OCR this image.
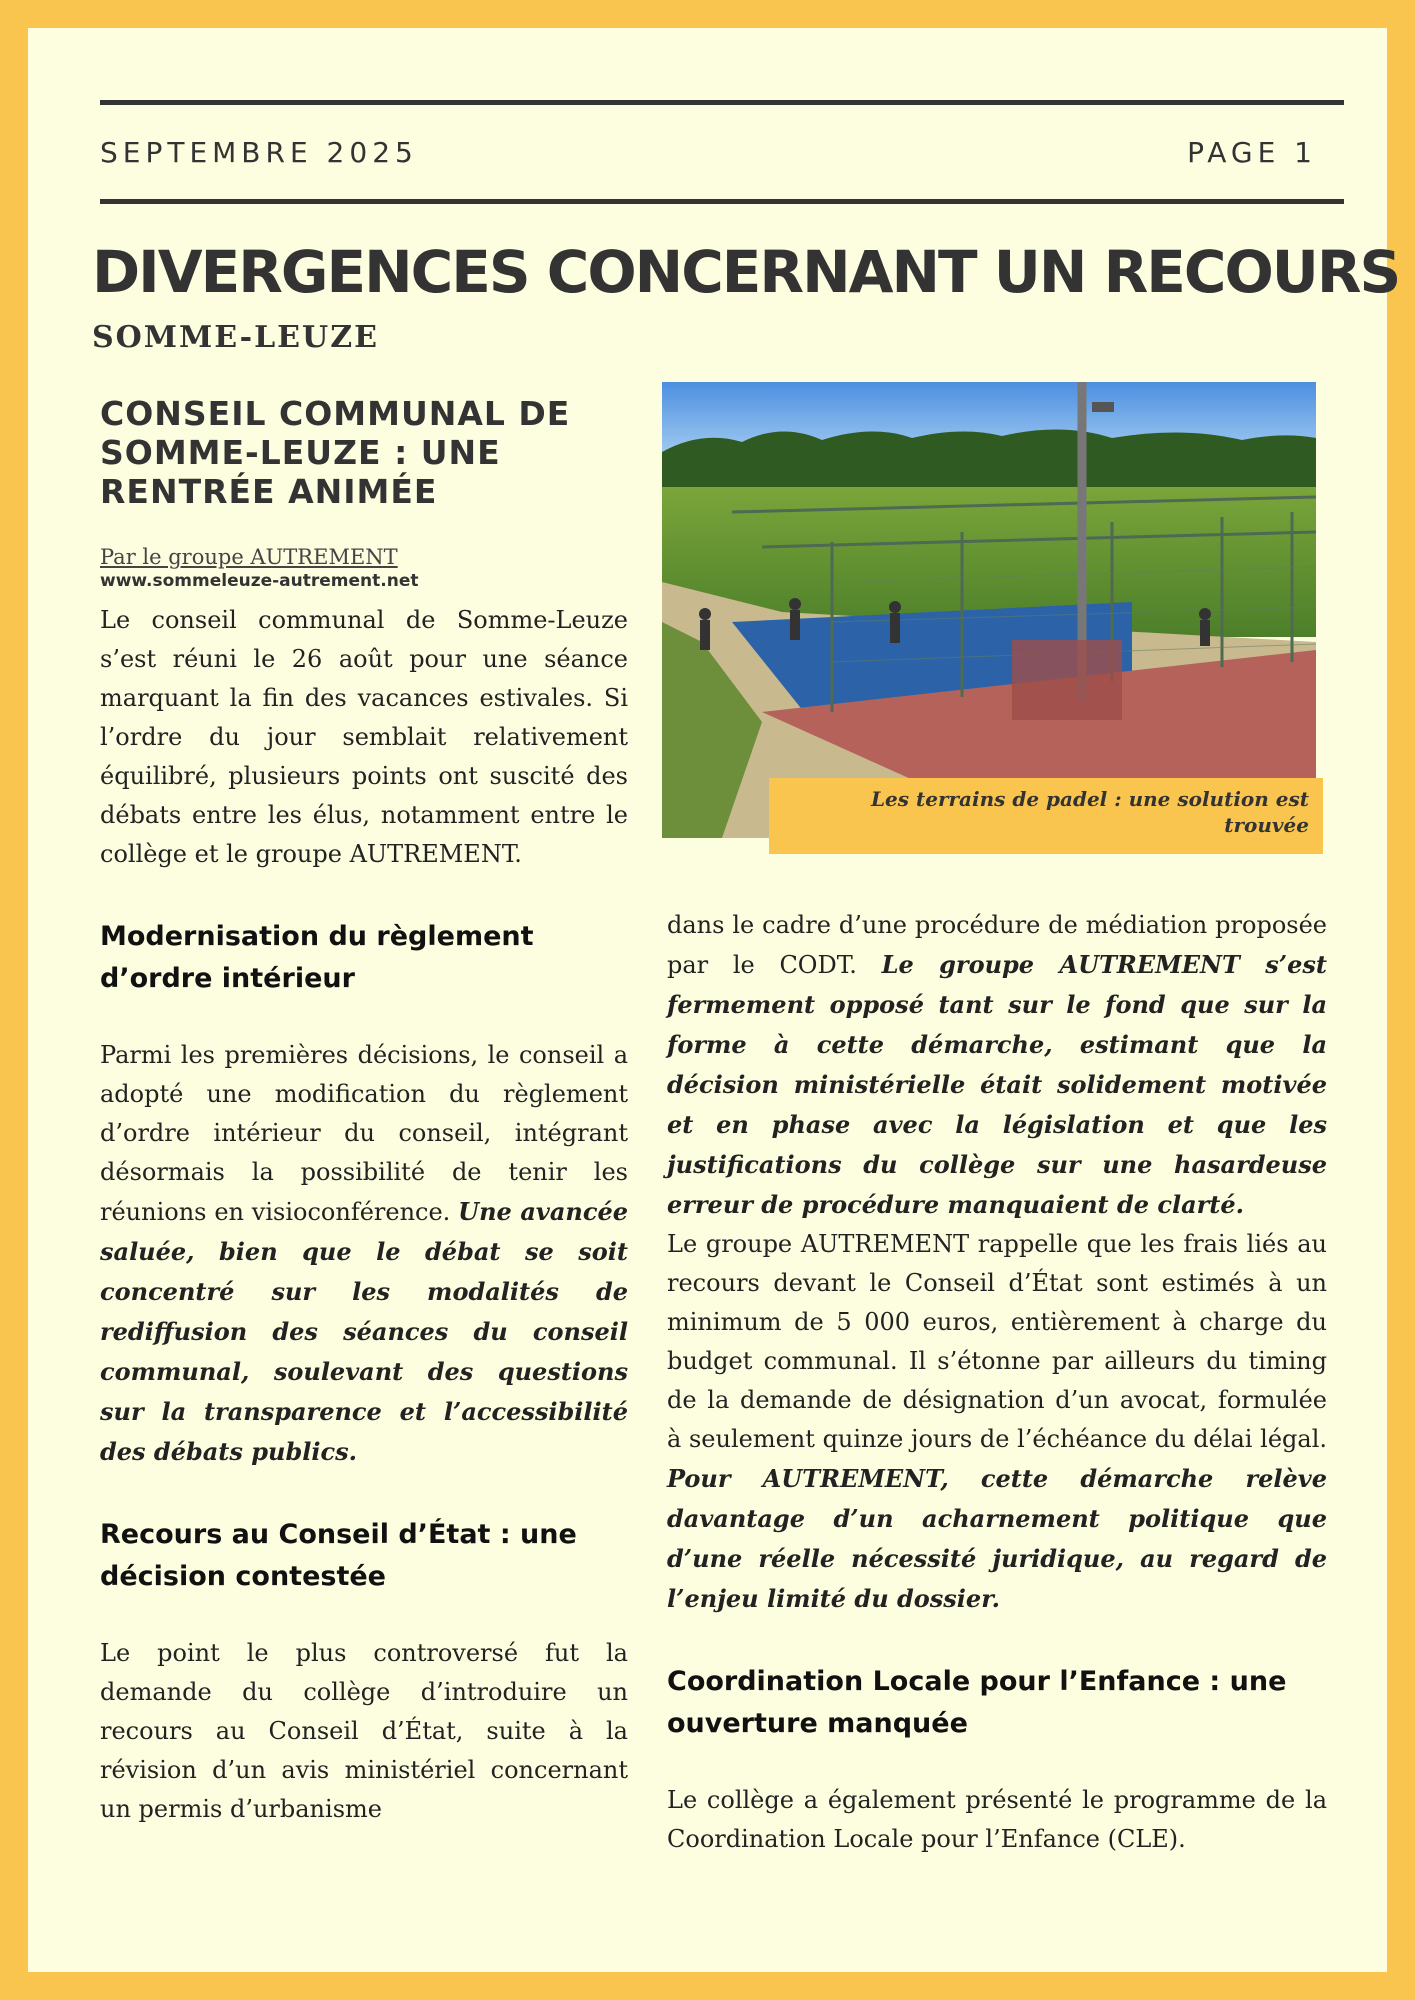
SEPTEMBRE 2025	PAGE 1
DIVERGENCES CONCERNANT UN RECOURS
SOMME-LEUZE
CONSEIL COMMUNAL DE SOMME-LEUZE : UNE RENTRÉE ANIMÉE

Par le groupe AUTREMENT

www.sommeleuze-autrement.net

Le conseil communal de Somme-Leuze s’est réuni le 26 août pour une séance marquant la fin des vacances estivales. Si l’ordre du jour semblait relativement équilibré, plusieurs points ont suscité des débats entre les élus, notamment entre le collège et le groupe AUTREMENT.

Modernisation du règlement d’ordre intérieur

Parmi les premières décisions, le conseil a adopté une modification du règlement d’ordre intérieur du conseil, intégrant désormais la possibilité de tenir les réunions en visioconférence. Une avancée saluée, bien que le débat se soit concentré sur les modalités de rediffusion des séances du conseil communal, soulevant des questions sur la transparence et l’accessibilité des débats publics.

Recours au Conseil d’État : une décision contestée

Le point le plus controversé fut la demande du collège d’introduire un recours au Conseil d’État, suite à la révision d’un avis ministériel concernant un permis d’urbanisme

Les terrains de padel : une solution est trouvée

dans le cadre d’une procédure de médiation proposée par le CODT. Le groupe AUTREMENT s’est fermement opposé tant sur le fond que sur la forme à cette démarche, estimant que la décision ministérielle était solidement motivée et en phase avec la législation et que les justifications du collège sur une hasardeuse erreur de procédure manquaient de clarté.

Le groupe AUTREMENT rappelle que les frais liés au recours devant le Conseil d’État sont estimés à un minimum de 5 000 euros, entièrement à charge du budget communal. Il s’étonne par ailleurs du timing de la demande de désignation d’un avocat, formulée à seulement quinze jours de l’échéance du délai légal. Pour AUTREMENT, cette démarche relève davantage d’un acharnement politique que d’une réelle nécessité juridique, au regard de l’enjeu limité du dossier.

Coordination Locale pour l’Enfance : une ouverture manquée

Le collège a également présenté le programme de la Coordination Locale pour l’Enfance (CLE).
